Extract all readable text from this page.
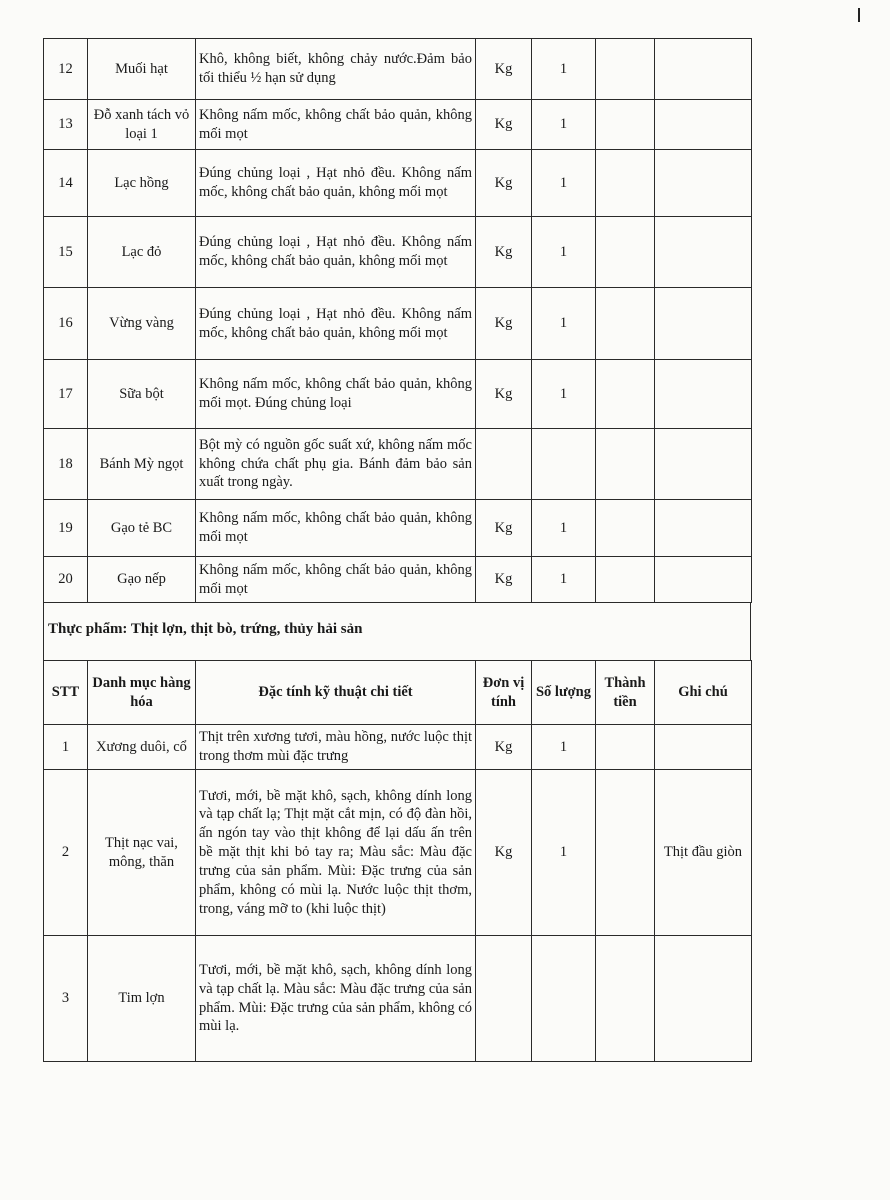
12	Muối hạt	Khô, không biết, không chảy nước.Đảm bảo tối thiểu ½ hạn sử dụng	Kg	1		
13	Đỗ xanh tách vỏ loại 1	Không nấm mốc, không chất bảo quản, không mối mọt	Kg	1		
14	Lạc hồng	Đúng chủng loại , Hạt nhỏ đều. Không nấm mốc, không chất bảo quản, không mối mọt	Kg	1		
15	Lạc đỏ	Đúng chủng loại , Hạt nhỏ đều. Không nấm mốc, không chất bảo quản, không mối mọt	Kg	1		
16	Vừng vàng	Đúng chủng loại , Hạt nhỏ đều. Không nấm mốc, không chất bảo quản, không mối mọt	Kg	1		
17	Sữa bột	Không nấm mốc, không chất bảo quản, không mối mọt. Đúng chủng loại	Kg	1		
18	Bánh Mỳ ngọt	Bột mỳ có nguồn gốc suất xứ, không nấm mốc không chứa chất phụ gia. Bánh đảm bảo sản xuất trong ngày.				
19	Gạo tẻ BC	Không nấm mốc, không chất bảo quản, không mối mọt	Kg	1		
20	Gạo nếp	Không nấm mốc, không chất bảo quản, không mối mọt	Kg	1		
Thực phẩm: Thịt lợn, thịt bò, trứng, thủy hải sản
STT	Danh mục hàng hóa	Đặc tính kỹ thuật chi tiết	Đơn vị tính	Số lượng	Thành tiền	Ghi chú
1	Xương duôi, cổ	Thịt trên xương tươi, màu hồng, nước luộc thịt trong thơm mùi đặc trưng	Kg	1		
2	Thịt nạc vai, mông, thăn	Tươi, mới, bề mặt khô, sạch, không dính long và tạp chất lạ; Thịt mặt cắt mịn, có độ đàn hồi, ấn ngón tay vào thịt không để lại dấu ấn trên bề mặt thịt khi bỏ tay ra; Màu sắc: Màu đặc trưng của sản phẩm. Mùi: Đặc trưng của sản phẩm, không có mùi lạ. Nước luộc thịt thơm, trong, váng mỡ to (khi luộc thịt)	Kg	1		Thịt đầu giòn
3	Tim lợn	Tươi, mới, bề mặt khô, sạch, không dính long và tạp chất lạ. Màu sắc: Màu đặc trưng của sản phẩm. Mùi: Đặc trưng của sản phẩm, không có mùi lạ.				
